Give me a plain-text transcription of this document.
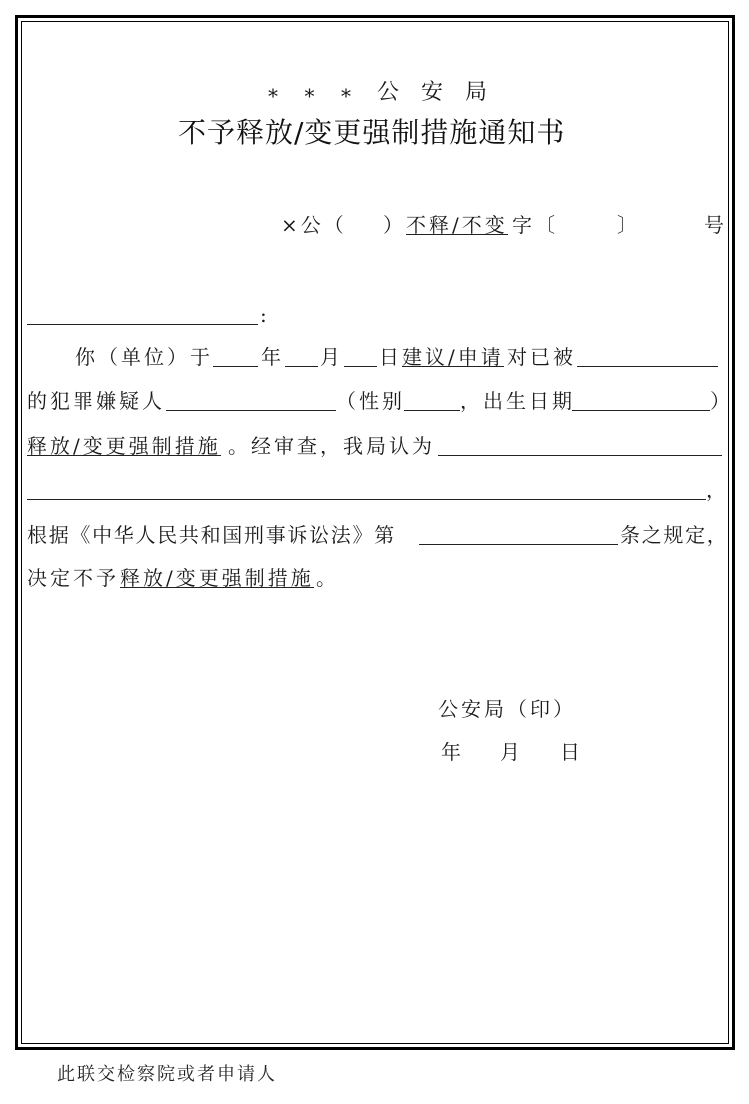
*** 公安局
不予释放/变更强制措施通知书
×公（ ） 不释/不变 字〔	〕	号
:
你（单位）于 年 月 日 建议/申请 对已被
的犯罪嫌疑人	（性别	，出生日期	）
释放/变更强制措施 。经审查，我局认为
，
根据《中华人民共和国刑事诉讼法》第	条之规定，
决定不予 释放/变更强制措施 。
公安局（印）
年 月 日
此联交检察院或者申请人
